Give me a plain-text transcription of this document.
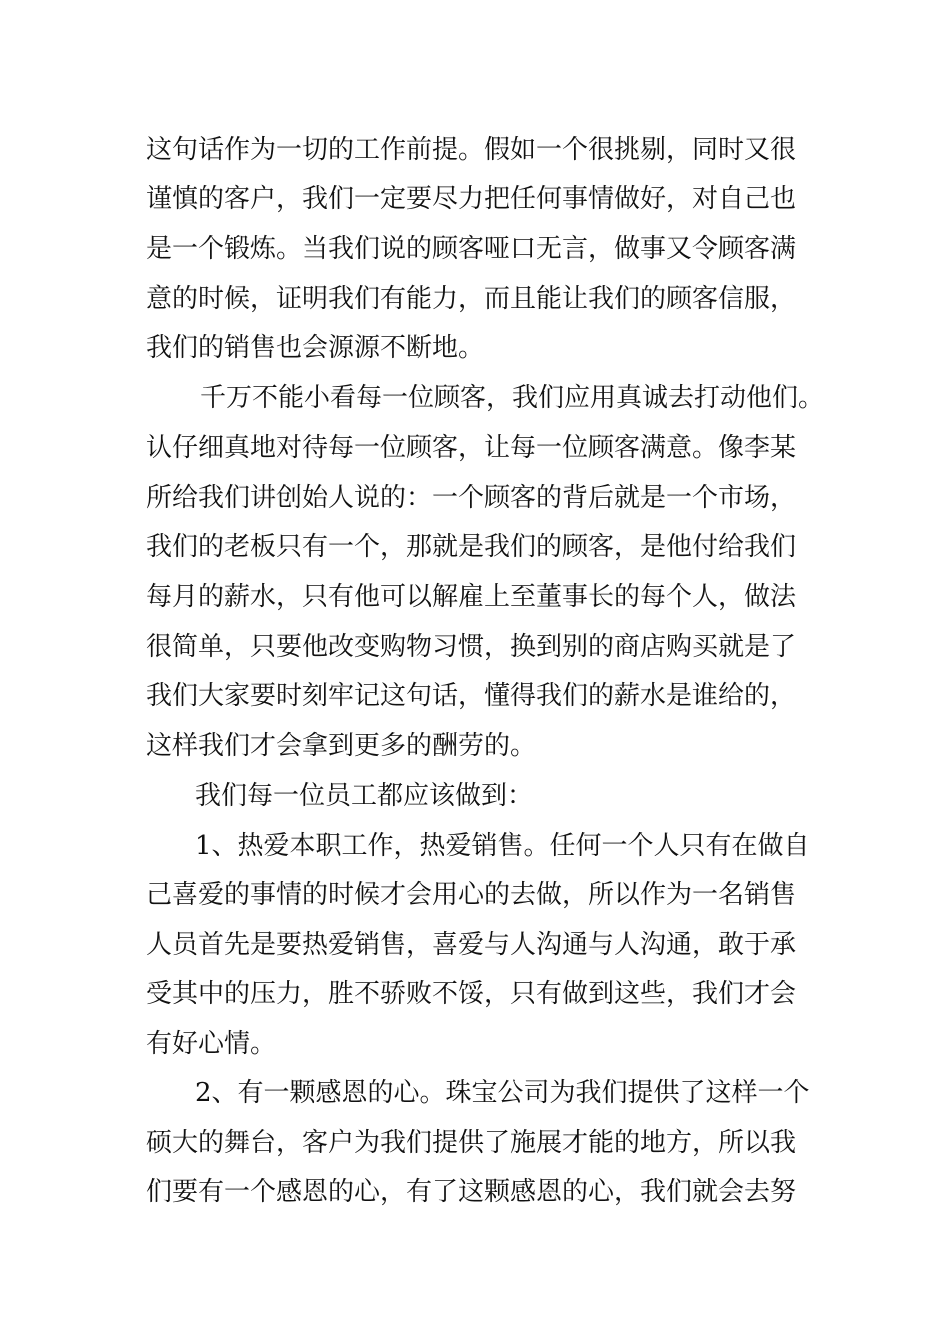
这句话作为一切的工作前提。假如一个很挑剔，同时又很
谨慎的客户，我们一定要尽力把任何事情做好，对自己也
是一个锻炼。当我们说的顾客哑口无言，做事又令顾客满
意的时候，证明我们有能力，而且能让我们的顾客信服，
我们的销售也会源源不断地。
千万不能小看每一位顾客，我们应用真诚去打动他们。
认仔细真地对待每一位顾客，让每一位顾客满意。像李某
所给我们讲创始人说的：一个顾客的背后就是一个市场，
我们的老板只有一个，那就是我们的顾客，是他付给我们
每月的薪水，只有他可以解雇上至董事长的每个人，做法
很简单，只要他改变购物习惯，换到别的商店购买就是了
我们大家要时刻牢记这句话，懂得我们的薪水是谁给的，
这样我们才会拿到更多的酬劳的。
我们每一位员工都应该做到：
1、热爱本职工作，热爱销售。任何一个人只有在做自
己喜爱的事情的时候才会用心的去做，所以作为一名销售
人员首先是要热爱销售，喜爱与人沟通与人沟通，敢于承
受其中的压力，胜不骄败不馁，只有做到这些，我们才会
有好心情。
2、有一颗感恩的心。珠宝公司为我们提供了这样一个
硕大的舞台，客户为我们提供了施展才能的地方，所以我
们要有一个感恩的心，有了这颗感恩的心，我们就会去努
